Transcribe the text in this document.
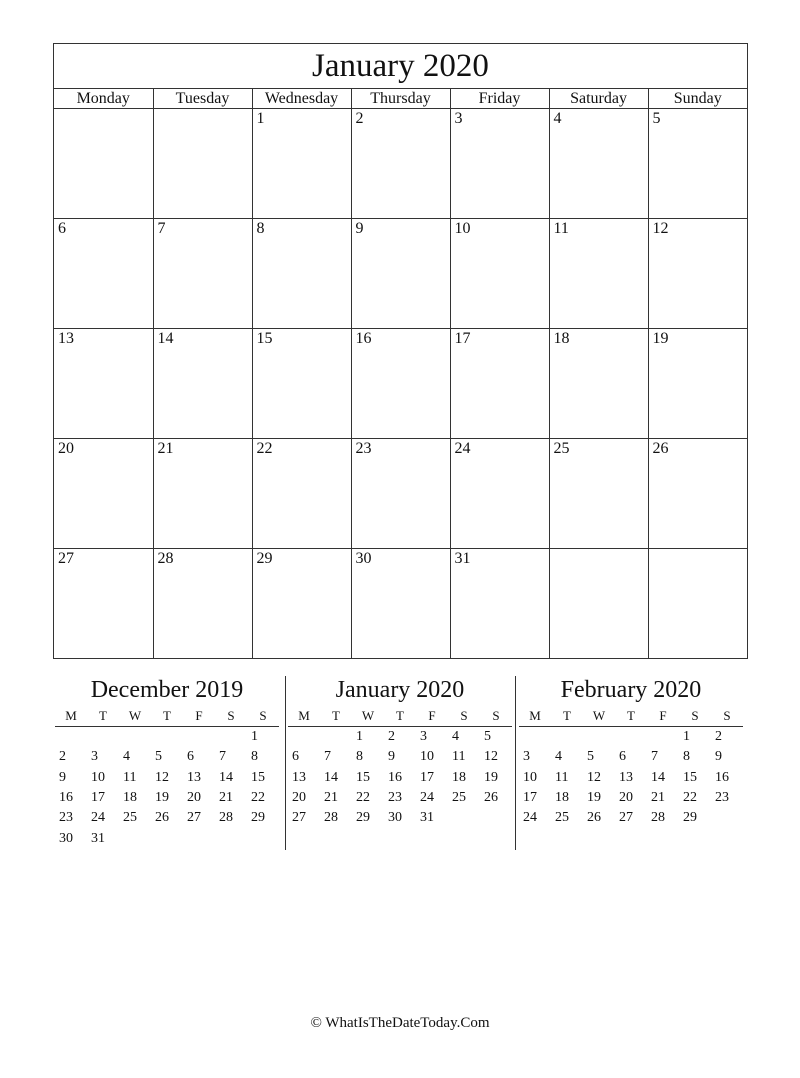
January 2020
Monday	Tuesday	Wednesday	Thursday	Friday	Saturday	Sunday

		1	2	3	4	5

6	7	8	9	10	11	12

13	14	15	16	17	18	19

20	21	22	23	24	25	26

27	28	29	30	31		

December 2019
M	T	W	T	F	S	S
						1
2	3	4	5	6	7	8
9	10	11	12	13	14	15
16	17	18	19	20	21	22
23	24	25	26	27	28	29
30	31					
January 2020
M	T	W	T	F	S	S
		1	2	3	4	5
6	7	8	9	10	11	12
13	14	15	16	17	18	19
20	21	22	23	24	25	26
27	28	29	30	31		

February 2020
M	T	W	T	F	S	S
					1	2
3	4	5	6	7	8	9
10	11	12	13	14	15	16
17	18	19	20	21	22	23
24	25	26	27	28	29	

© WhatIsTheDateToday.Com
